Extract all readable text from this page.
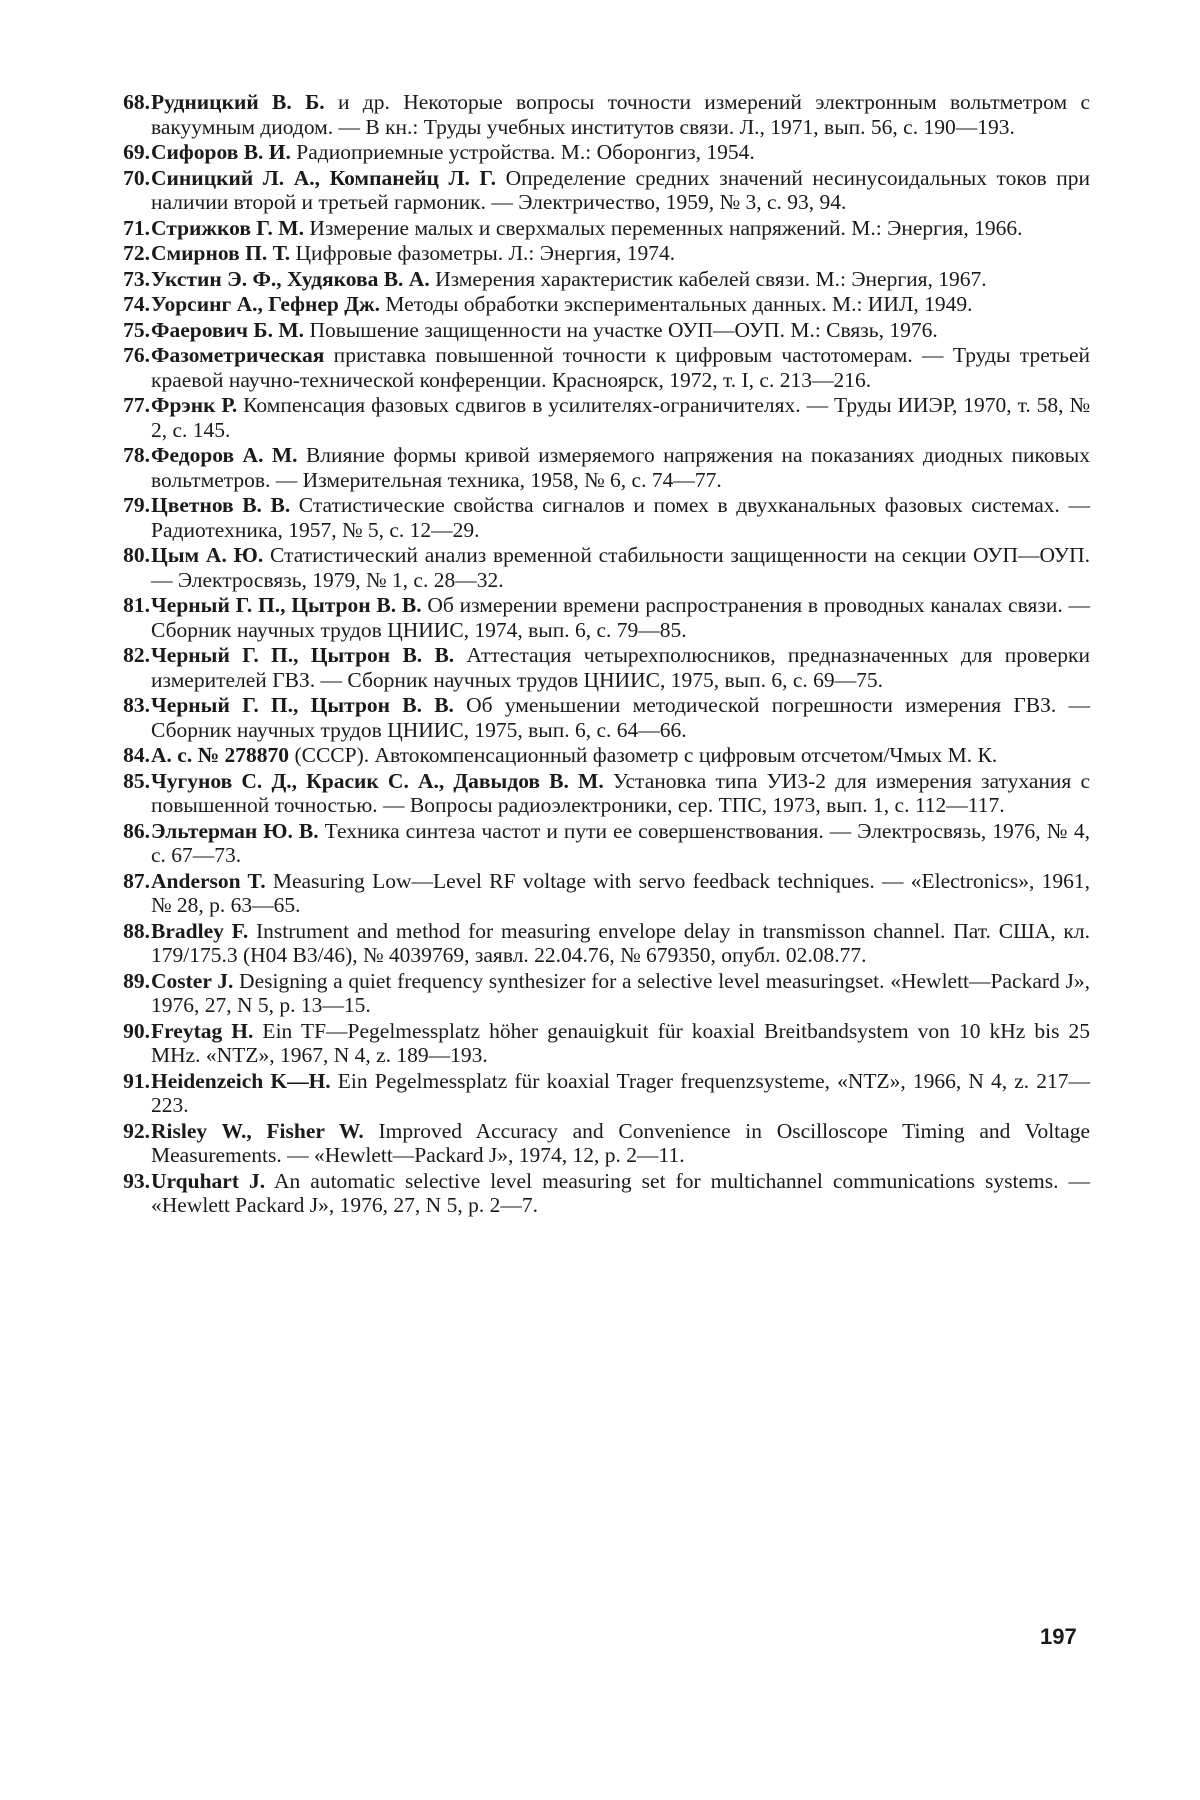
68 . Рудницкий В. Б. и др. Некоторые вопросы точности измерений электронным вольтметром с вакуумным диодом. — В кн.: Труды учебных институтов связи. Л., 1971, вып. 56, с. 190—193.
69 . Сифоров В. И. Радиоприемные устройства. М.: Оборонгиз, 1954.
70 . Синицкий Л. А., Компанейц Л. Г. Определение средних значений несинусоидальных токов при наличии второй и третьей гармоник. — Электричество, 1959, № 3, с. 93, 94.
71 . Стрижков Г. М. Измерение малых и сверхмалых переменных напряжений. М.: Энергия, 1966.
72 . Смирнов П. Т. Цифровые фазометры. Л.: Энергия, 1974.
73 . Укстин Э. Ф., Худякова В. А. Измерения характеристик кабелей связи. М.: Энергия, 1967.
74 . Уорсинг А., Гефнер Дж. Методы обработки экспериментальных данных. М.: ИИЛ, 1949.
75 . Фаерович Б. М. Повышение защищенности на участке ОУП—ОУП. М.: Связь, 1976.
76 . Фазометрическая приставка повышенной точности к цифровым частотомерам. — Труды третьей краевой научно-технической конференции. Красноярск, 1972, т. I, с. 213—216.
77 . Фрэнк Р. Компенсация фазовых сдвигов в усилителях-ограничителях. — Труды ИИЭР, 1970, т. 58, № 2, с. 145.
78 . Федоров А. М. Влияние формы кривой измеряемого напряжения на показаниях диодных пиковых вольтметров. — Измерительная техника, 1958, № 6, с. 74—77.
79 . Цветнов В. В. Статистические свойства сигналов и помех в двухканальных фазовых системах. — Радиотехника, 1957, № 5, с. 12—29.
80 . Цым А. Ю. Статистический анализ временной стабильности защищенности на секции ОУП—ОУП. — Электросвязь, 1979, № 1, с. 28—32.
81 . Черный Г. П., Цытрон В. В. Об измерении времени распространения в проводных каналах связи. — Сборник научных трудов ЦНИИС, 1974, вып. 6, с. 79—85.
82 . Черный Г. П., Цытрон В. В. Аттестация четырехполюсников, предназначенных для проверки измерителей ГВЗ. — Сборник научных трудов ЦНИИС, 1975, вып. 6, с. 69—75.
83 . Черный Г. П., Цытрон В. В. Об уменьшении методической погрешности измерения ГВЗ. — Сборник научных трудов ЦНИИС, 1975, вып. 6, с. 64—66.
84 . А. с. № 278870 (СССР). Автокомпенсационный фазометр с цифровым отсчетом/Чмых М. К.
85 . Чугунов С. Д., Красик С. А., Давыдов В. М. Установка типа УИЗ-2 для измерения затухания с повышенной точностью. — Вопросы радиоэлектроники, сер. ТПС, 1973, вып. 1, с. 112—117.
86 . Эльтерман Ю. В. Техника синтеза частот и пути ее совершенствования. — Электросвязь, 1976, № 4, с. 67—73.
87 . Anderson T. Measuring Low—Level RF voltage with servo feedback techniques. — «Electronics», 1961, № 28, p. 63—65.
88 . Bradley F. Instrument and method for measuring envelope delay in transmisson channel. Пат. США, кл. 179/175.3 (H04 B3/46), № 4039769, заявл. 22.04.76, № 679350, опубл. 02.08.77.
89 . Coster J. Designing a quiet frequency synthesizer for a selective level measuringset. «Hewlett—Packard J», 1976, 27, N 5, p. 13—15.
90 . Freytag H. Ein TF—Pegelmessplatz höher genauigkuit für koaxial Breitbandsystem von 10 kHz bis 25 MHz. «NTZ», 1967, N 4, z. 189—193.
91 . Heidenzeich K—H. Ein Pegelmessplatz für koaxial Trager frequenzsysteme, «NTZ», 1966, N 4, z. 217—223.
92 . Risley W., Fisher W. Improved Accuracy and Convenience in Oscilloscope Timing and Voltage Measurements. — «Hewlett—Packard J», 1974, 12, p. 2—11.
93 . Urquhart J. An automatic selective level measuring set for multichannel communications systems. — «Hewlett Packard J», 1976, 27, N 5, p. 2—7.
197
